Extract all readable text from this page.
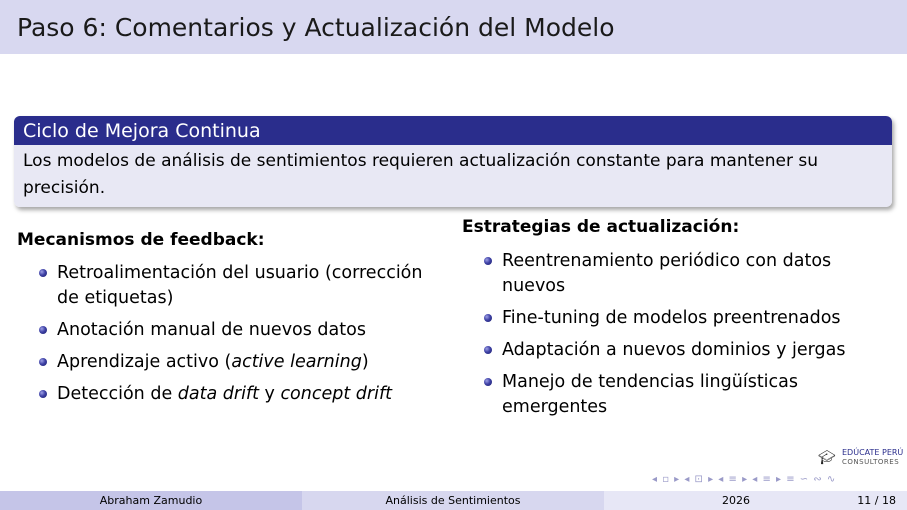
Paso 6: Comentarios y Actualización del Modelo
Ciclo de Mejora Continua
Los modelos de análisis de sentimientos requieren actualización constante para mantener su precisión.
Mecanismos de feedback:
Retroalimentación del usuario (corrección de etiquetas)
Anotación manual de nuevos datos
Aprendizaje activo (active learning)
Detección de data drift y concept drift
Estrategias de actualización:
Reentrenamiento periódico con datos nuevos
Fine-tuning de modelos preentrenados
Adaptación a nuevos dominios y jergas
Manejo de tendencias lingüísticas emergentes
🎓︎ EDÚCATE PERÚ
CONSULTORES
◂ ▫ ▸ ◂ ⊡ ▸ ◂ ≡ ▸ ◂ ≡ ▸ ≡ ∽ ∾ ∿
Abraham Zamudio	Análisis de Sentimientos	2026	11 / 18
